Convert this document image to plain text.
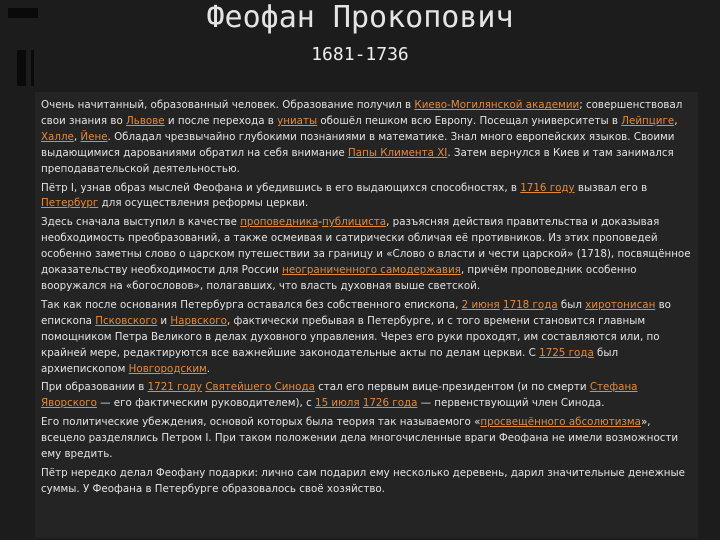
Феофан Прокопович
1681-1736

Очень начитанный, образованный человек. Образование получил в Киево-Могилянской академии; совершенствовал свои знания во Львове и после перехода в униаты обошёл пешком всю Европу. Посещал университеты в Лейпциге, Халле, Йене. Обладал чрезвычайно глубокими познаниями в математике. Знал много европейских языков. Своими выдающимися дарованиями обратил на себя внимание Папы Климента XI. Затем вернулся в Киев и там занимался преподавательской деятельностью.

Пётр I, узнав образ мыслей Феофана и убедившись в его выдающихся способностях, в 1716 году вызвал его в Петербург для осуществления реформы церкви.

Здесь сначала выступил в качестве проповедника-публициста, разъясняя действия правительства и доказывая необходимость преобразований, а также осмеивая и сатирически обличая её противников. Из этих проповедей особенно заметны слово о царском путешествии за границу и «Слово о власти и чести царской» (1718), посвящённое доказательству необходимости для России неограниченного самодержавия, причём проповедник особенно вооружался на «богословов», полагавших, что власть духовная выше светской.

Так как после основания Петербурга оставался без собственного епископа, 2 июня 1718 года был хиротонисан во епископа Псковского и Нарвского, фактически пребывая в Петербурге, и с того времени становится главным помощником Петра Великого в делах духовного управления. Через его руки проходят, им составляются или, по крайней мере, редактируются все важнейшие законодательные акты по делам церкви. С 1725 года был архиепископом Новгородским.

При образовании в 1721 году Святейшего Синода стал его первым вице-президентом (и по смерти Стефана Яворского — его фактическим руководителем), с 15 июля 1726 года — первенствующий член Синода.

Его политические убеждения, основой которых была теория так называемого «просвещённого абсолютизма», всецело разделялись Петром I. При таком положении дела многочисленные враги Феофана не имели возможности ему вредить.

Пётр нередко делал Феофану подарки: лично сам подарил ему несколько деревень, дарил значительные денежные суммы. У Феофана в Петербурге образовалось своё хозяйство.
